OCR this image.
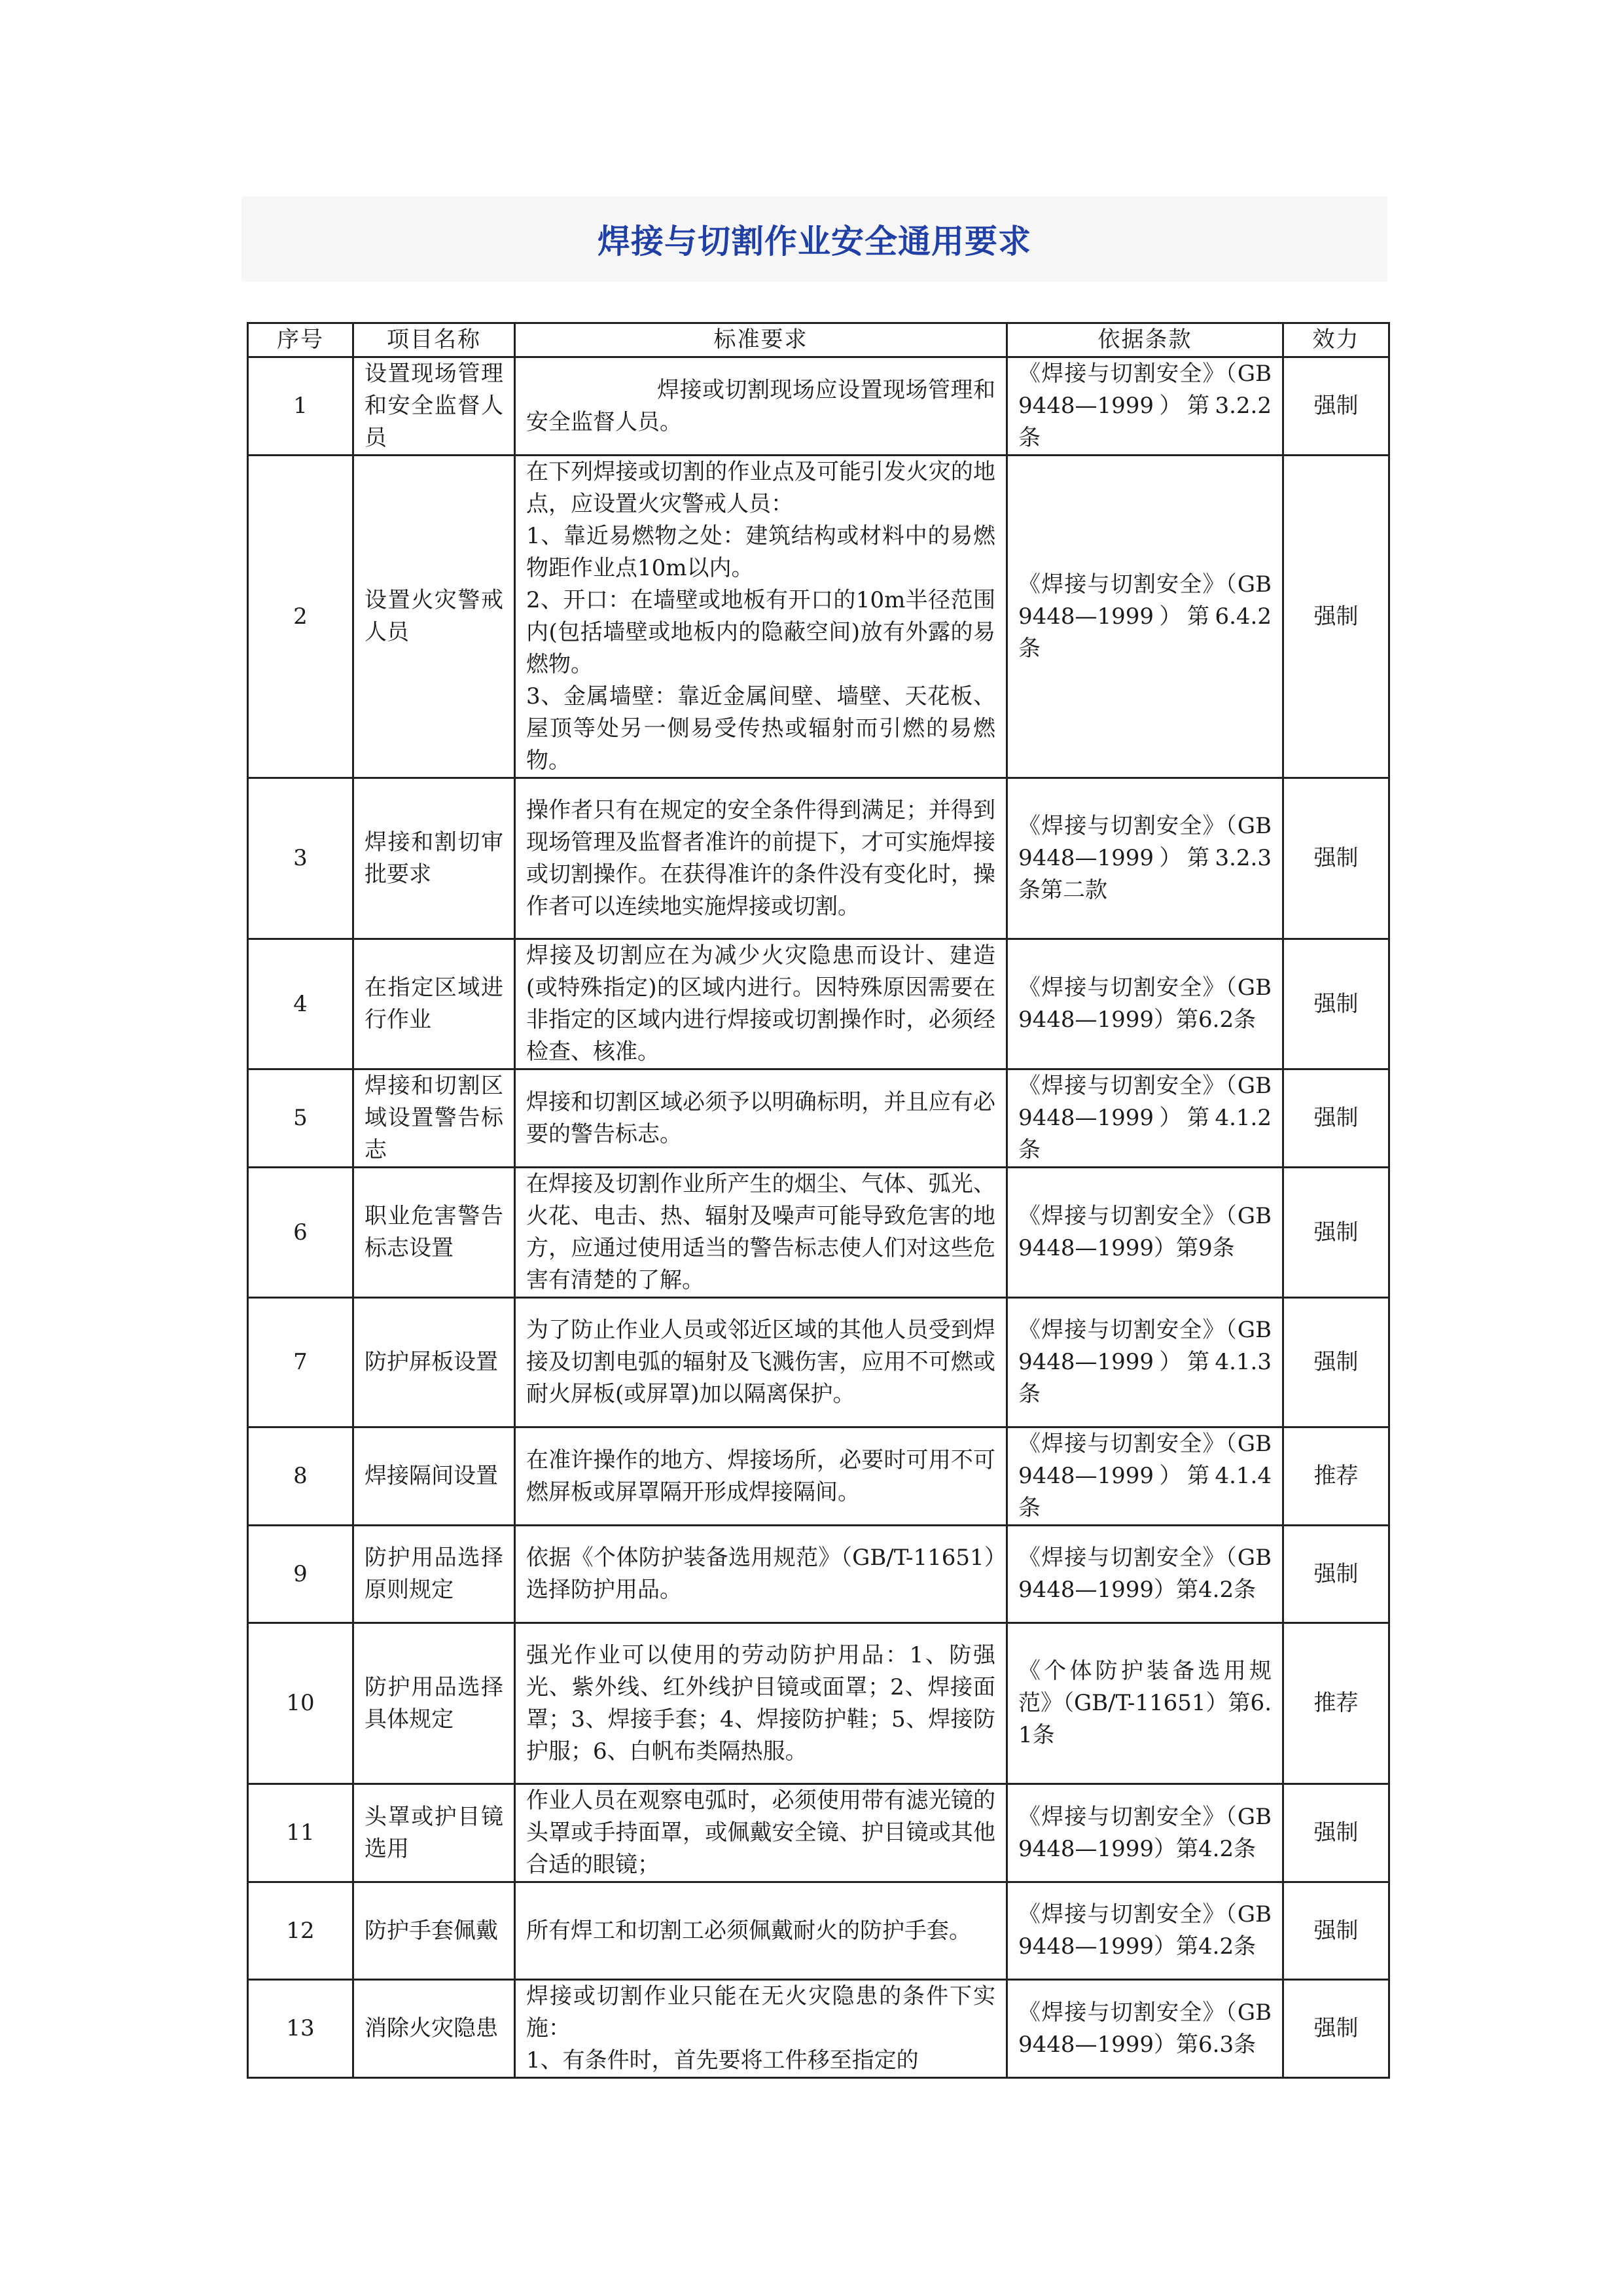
焊接与切割作业安全通用要求
序号	项目名称	标准要求	依据条款	效力
1	设置现场管理和安全监督人员	焊接或切割现场应设置现场管理和安全监督人员。	《焊接与切割安全》（GB9448—1999）第3.2.2条	强制
2	设置火灾警戒人员	在下列焊接或切割的作业点及可能引发火灾的地点，应设置火灾警戒人员：
1、靠近易燃物之处：建筑结构或材料中的易燃物距作业点10m以内。
2、开口：在墙壁或地板有开口的10m半径范围内(包括墙壁或地板内的隐蔽空间)放有外露的易燃物。
3、金属墙壁：靠近金属间壁、墙壁、天花板、屋顶等处另一侧易受传热或辐射而引燃的易燃物。	《焊接与切割安全》（GB9448—1999）第6.4.2条	强制
3	焊接和割切审批要求	操作者只有在规定的安全条件得到满足；并得到现场管理及监督者准许的前提下，才可实施焊接或切割操作。在获得准许的条件没有变化时，操作者可以连续地实施焊接或切割。	《焊接与切割安全》（GB9448—1999）第3.2.3条第二款	强制
4	在指定区域进行作业	焊接及切割应在为减少火灾隐患而设计、建造(或特殊指定)的区域内进行。因特殊原因需要在非指定的区域内进行焊接或切割操作时，必须经检查、核准。	《焊接与切割安全》（GB9448—1999）第6.2条	强制
5	焊接和切割区域设置警告标志	焊接和切割区域必须予以明确标明，并且应有必要的警告标志。	《焊接与切割安全》（GB9448—1999）第4.1.2条	强制
6	职业危害警告标志设置	在焊接及切割作业所产生的烟尘、气体、弧光、火花、电击、热、辐射及噪声可能导致危害的地方，应通过使用适当的警告标志使人们对这些危害有清楚的了解。	《焊接与切割安全》（GB9448—1999）第9条	强制
7	防护屏板设置	为了防止作业人员或邻近区域的其他人员受到焊接及切割电弧的辐射及飞溅伤害，应用不可燃或耐火屏板(或屏罩)加以隔离保护。	《焊接与切割安全》（GB9448—1999）第4.1.3条	强制
8	焊接隔间设置	在准许操作的地方、焊接场所，必要时可用不可燃屏板或屏罩隔开形成焊接隔间。	《焊接与切割安全》（GB9448—1999）第4.1.4条	推荐
9	防护用品选择原则规定	依据《个体防护装备选用规范》（GB/T-11651）选择防护用品。	《焊接与切割安全》（GB9448—1999）第4.2条	强制
10	防护用品选择具体规定	强光作业可以使用的劳动防护用品：1、防强光、紫外线、红外线护目镜或面罩；2、焊接面罩；3、焊接手套；4、焊接防护鞋；5、焊接防护服；6、白帆布类隔热服。	《个体防护装备选用规范》（GB/T-11651）第6.1条	推荐
11	头罩或护目镜选用	作业人员在观察电弧时，必须使用带有滤光镜的头罩或手持面罩，或佩戴安全镜、护目镜或其他合适的眼镜；	《焊接与切割安全》（GB9448—1999）第4.2条	强制
12	防护手套佩戴	所有焊工和切割工必须佩戴耐火的防护手套。	《焊接与切割安全》（GB9448—1999）第4.2条	强制
13	消除火灾隐患	焊接或切割作业只能在无火灾隐患的条件下实施：
1、有条件时，首先要将工件移至指定的	《焊接与切割安全》（GB9448—1999）第6.3条	强制
